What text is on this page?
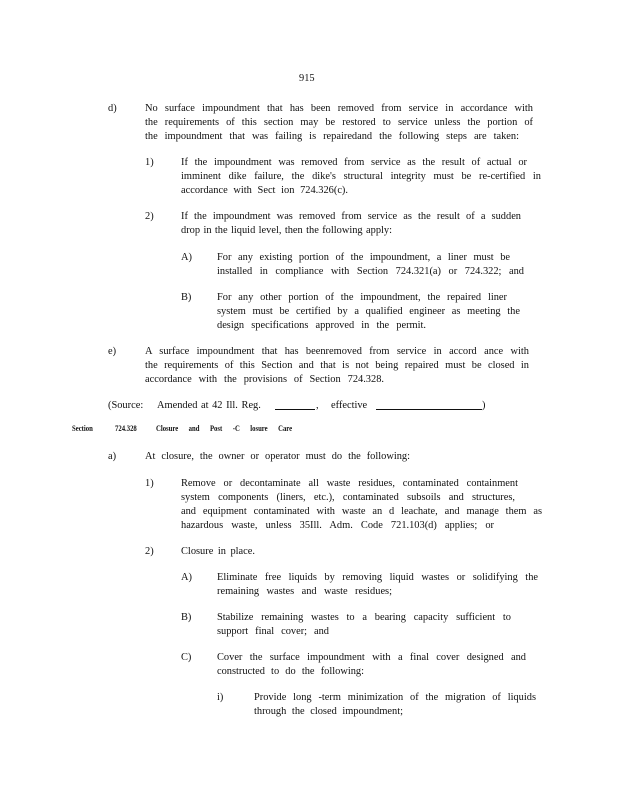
915
d)	No surface impoundment that has been removed from service in accordance with
the requirements of this section may be restored to service unless the portion of
the impoundment that was failing is repairedand the following steps are taken:
1)	If the impoundment was removed from service as the result of actual or
imminent dike failure, the dike's structural integrity must be re-certified in
accordance with Sect ion 724.326(c).
2)	If the impoundment was removed from service as the result of a sudden
drop in the liquid level, then the following apply:
A) For any existing portion of the impoundment, a liner must be
installed in compliance with Section 724.321(a) or 724.322; and
B) For any other portion of the impoundment, the repaired liner
system must be certified by a qualified engineer as meeting the
design specifications approved in the permit.
e)	A surface impoundment that has beenremoved from service in accord ance with
the requirements of this Section and that is not being repaired must be closed in
accordance with the provisions of Section 724.328.
(Source: Amended at 42 Ill. Reg.	, effective	)
Section	724.328 Closure and Post -C losure Care
a)	At closure, the owner or operator must do the following:
1)	Remove or decontaminate all waste residues, contaminated containment
system components (liners, etc.), contaminated subsoils and structures,
and equipment contaminated with waste an d leachate, and manage them as
hazardous waste, unless 35Ill. Adm. Code 721.103(d) applies; or
2)	Closure in place.
A) Eliminate free liquids by removing liquid wastes or solidifying the
remaining wastes and waste residues;
B) Stabilize remaining wastes to a bearing capacity sufficient to
support final cover; and
C) Cover the surface impoundment with a final cover designed and
constructed to do the following:
i)	Provide long -term minimization of the migration of liquids
through the closed impoundment;
